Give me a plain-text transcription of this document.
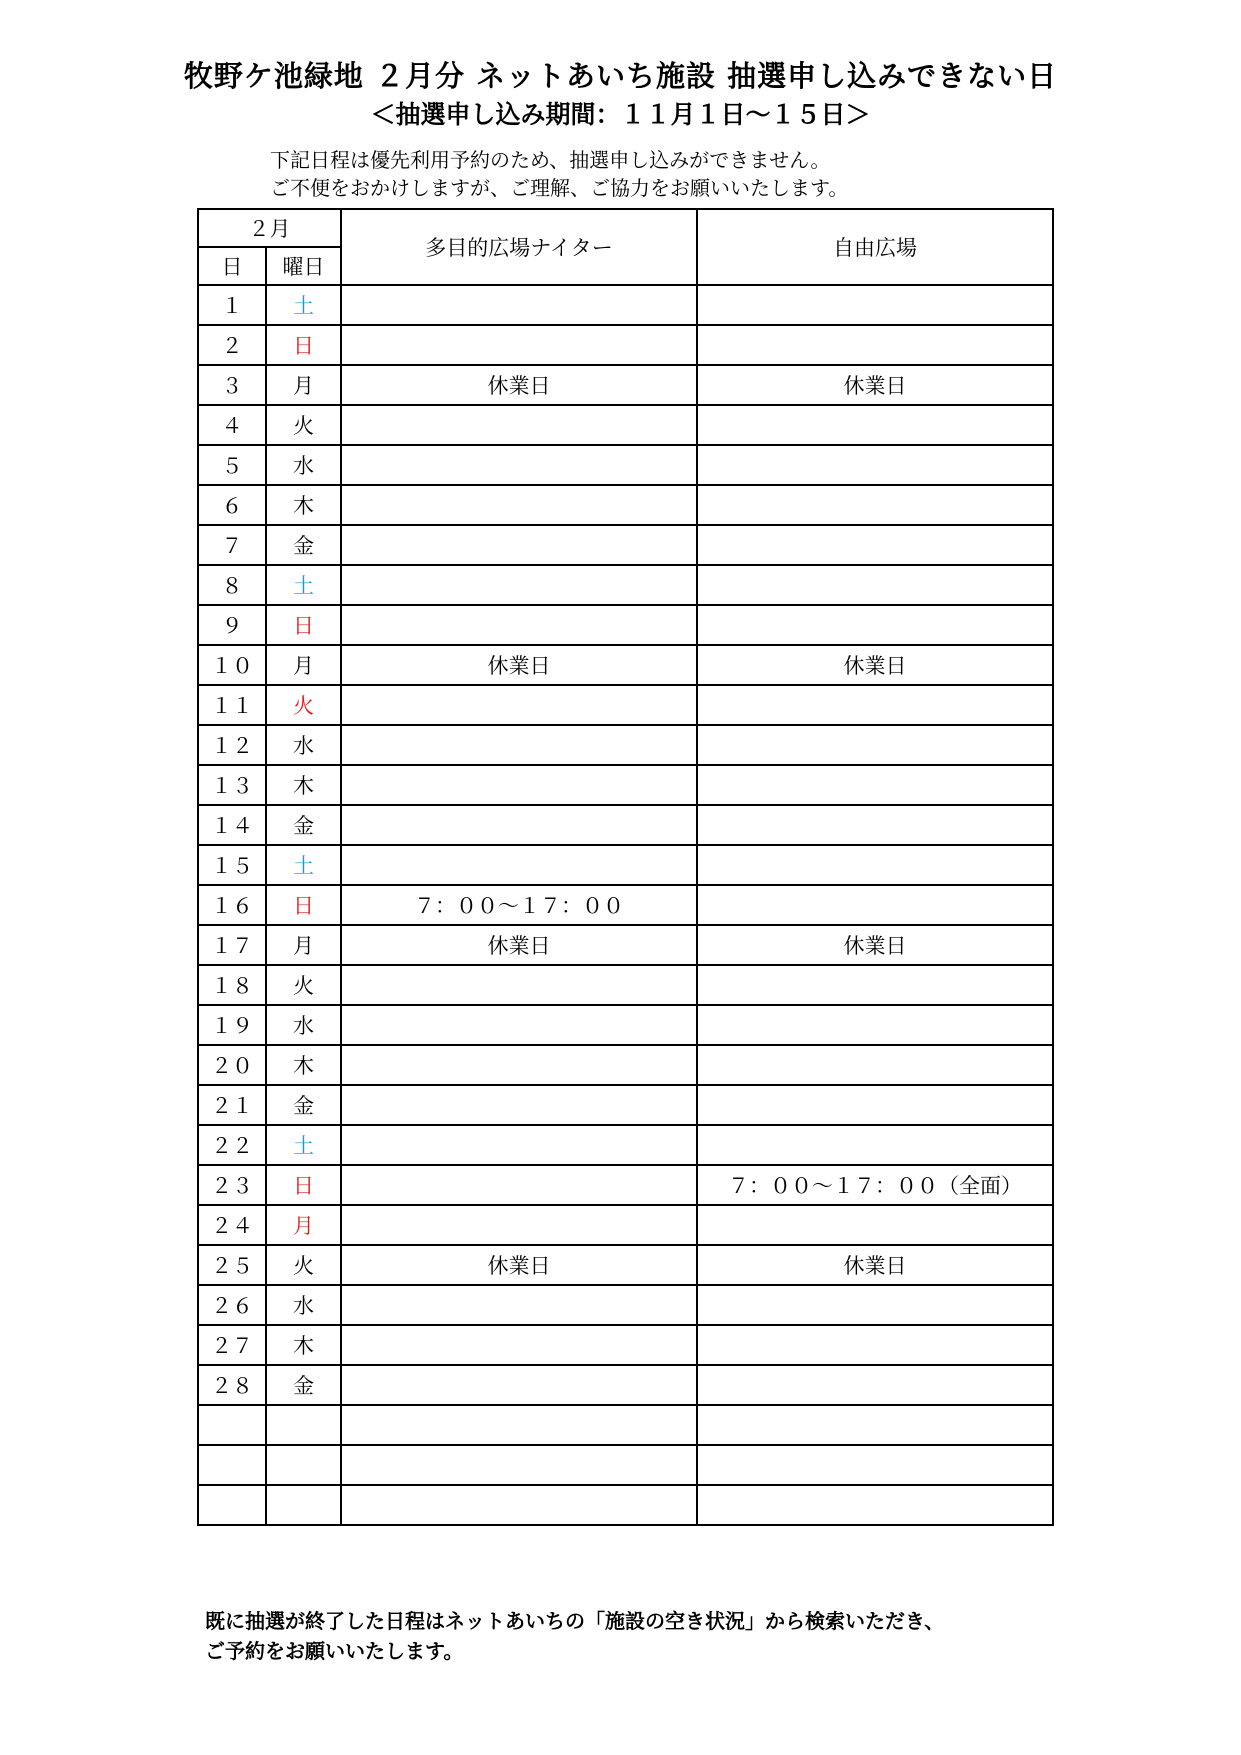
牧野ケ池緑地 ２月分 ネットあいち施設 抽選申し込みできない日
＜抽選申し込み期間：１１月１日～１５日＞
下記日程は優先利用予約のため、抽選申し込みができません。
ご不便をおかけしますが、ご理解、ご協力をお願いいたします。
２月		多目的広場ナイター	自由広場
日	曜日		
１	土		
２	日		
３	月	休業日	休業日
４	火		
５	水		
６	木		
７	金		
８	土		
９	日		
１０	月	休業日	休業日
１１	火		
１２	水		
１３	木		
１４	金		
１５	土		
１６	日	７：００～１７：００	
１７	月	休業日	休業日
１８	火		
１９	水		
２０	木		
２１	金		
２２	土		
２３	日		７：００～１７：００（全面）
２４	月		
２５	火	休業日	休業日
２６	水		
２７	木		
２８	金		

既に抽選が終了した日程はネットあいちの「施設の空き状況」から検索いただき、
ご予約をお願いいたします。
